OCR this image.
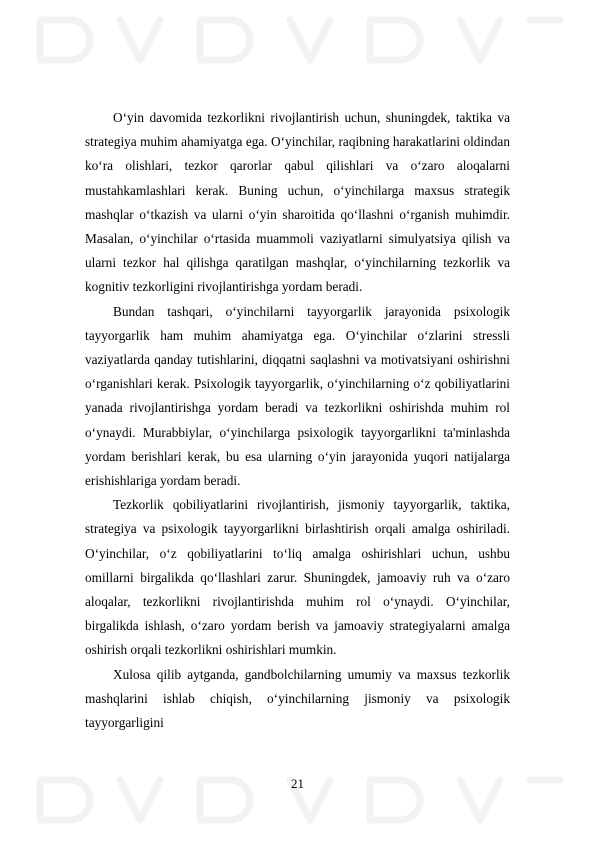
O‘yin davomida tezkorlikni rivojlantirish uchun, shuningdek, taktika va strategiya muhim ahamiyatga ega. O‘yinchilar, raqibning harakatlarini oldindan ko‘ra olishlari, tezkor qarorlar qabul qilishlari va o‘zaro aloqalarni mustahkamlashlari kerak. Buning uchun, o‘yinchilarga maxsus strategik mashqlar o‘tkazish va ularni o‘yin sharoitida qo‘llashni o‘rganish muhimdir. Masalan, o‘yinchilar o‘rtasida muammoli vaziyatlarni simulyatsiya qilish va ularni tezkor hal qilishga qaratilgan mashqlar, o‘yinchilarning tezkorlik va kognitiv tezkorligini rivojlantirishga yordam beradi.

Bundan tashqari, o‘yinchilarni tayyorgarlik jarayonida psixologik tayyorgarlik ham muhim ahamiyatga ega. O‘yinchilar o‘zlarini stressli vaziyatlarda qanday tutishlarini, diqqatni saqlashni va motivatsiyani oshirishni o‘rganishlari kerak. Psixologik tayyorgarlik, o‘yinchilarning o‘z qobiliyatlarini yanada rivojlantirishga yordam beradi va tezkorlikni oshirishda muhim rol o‘ynaydi. Murabbiylar, o‘yinchilarga psixologik tayyorgarlikni ta'minlashda yordam berishlari kerak, bu esa ularning o‘yin jarayonida yuqori natijalarga erishishlariga yordam beradi.

Tezkorlik qobiliyatlarini rivojlantirish, jismoniy tayyorgarlik, taktika, strategiya va psixologik tayyorgarlikni birlashtirish orqali amalga oshiriladi. O‘yinchilar, o‘z qobiliyatlarini to‘liq amalga oshirishlari uchun, ushbu omillarni birgalikda qo‘llashlari zarur. Shuningdek, jamoaviy ruh va o‘zaro aloqalar, tezkorlikni rivojlantirishda muhim rol o‘ynaydi. O‘yinchilar, birgalikda ishlash, o‘zaro yordam berish va jamoaviy strategiyalarni amalga oshirish orqali tezkorlikni oshirishlari mumkin.

Xulosa qilib aytganda, gandbolchilarning umumiy va maxsus tezkorlik mashqlarini ishlab chiqish, o‘yinchilarning jismoniy va psixologik tayyorgarligini

21
